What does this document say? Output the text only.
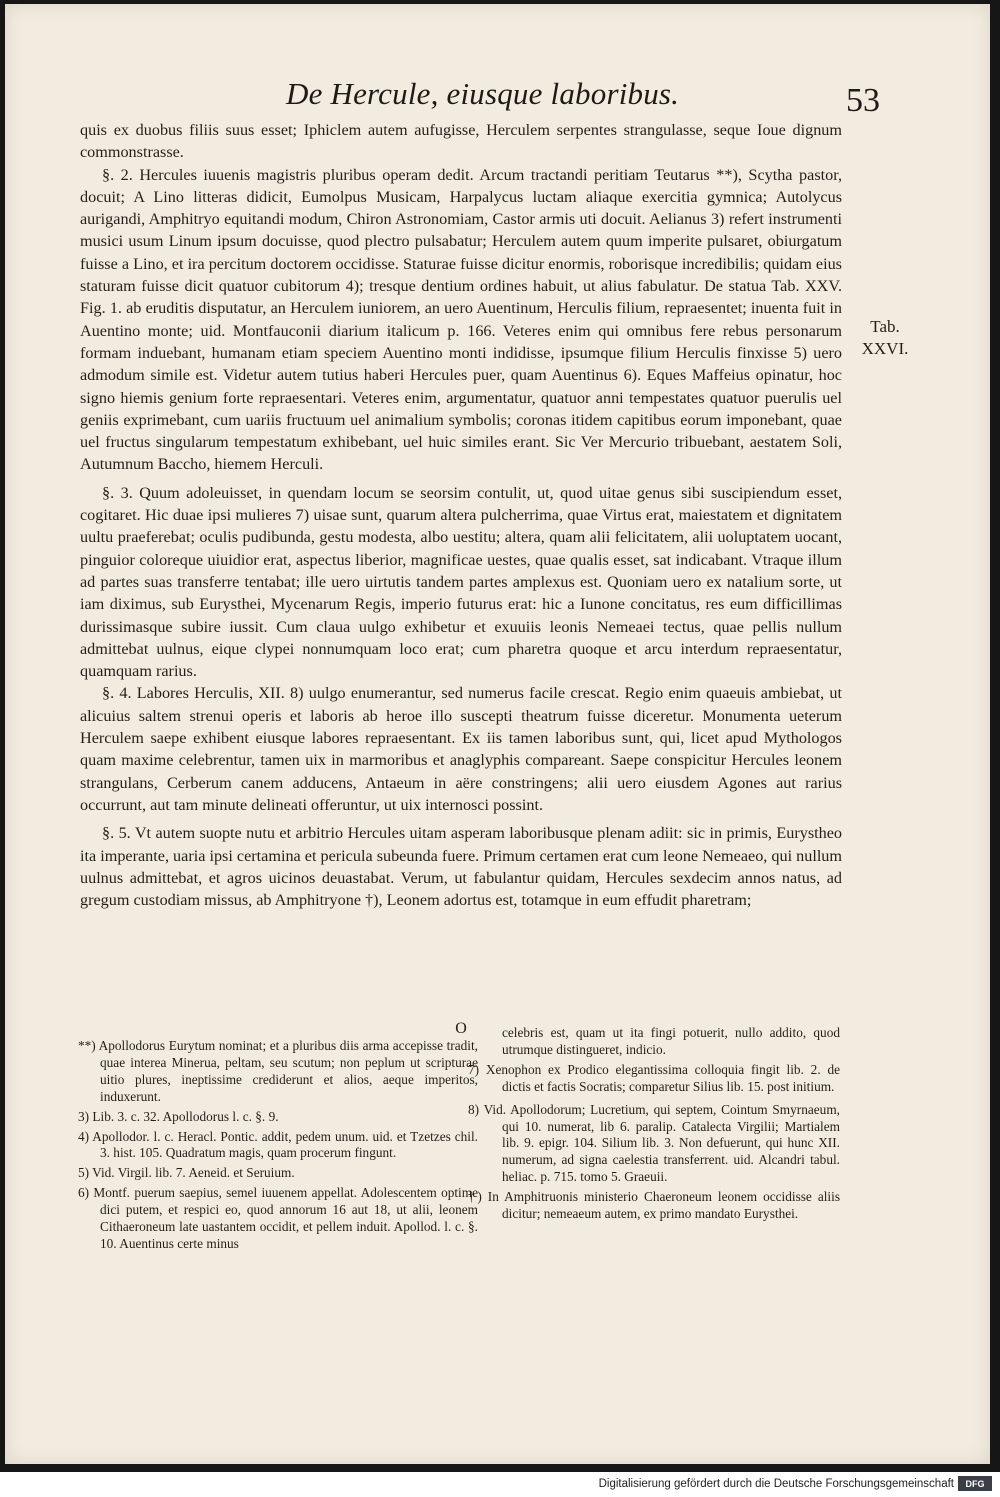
De Hercule, eiusque laboribus.	53

quis ex duobus filiis suus esset; Iphiclem autem aufugisse, Herculem serpentes strangulasse, seque Ioue dignum commonstrasse.

§. 2. Hercules iuuenis magistris pluribus operam dedit. Arcum tractandi peritiam Teutarus **), Scytha pastor, docuit; A Lino litteras didicit, Eumolpus Musicam, Harpalycus luctam aliaque exercitia gymnica; Autolycus aurigandi, Amphitryo equitandi modum, Chiron Astronomiam, Castor armis uti docuit. Aelianus 3) refert instrumenti musici usum Linum ipsum docuisse, quod plectro pulsabatur; Herculem autem quum imperite pulsaret, obiurgatum fuisse a Lino, et ira percitum doctorem occidisse. Staturae fuisse dicitur enormis, roborisque incredibilis; quidam eius staturam fuisse dicit quatuor cubitorum 4); tresque dentium ordines habuit, ut alius fabulatur. De statua Tab. XXV. Fig. 1. ab eruditis disputatur, an Herculem iuniorem, an uero Auentinum, Herculis filium, repraesentet; inuenta fuit in Auentino monte; uid. Montfauconii diarium italicum p. 166. Veteres enim qui omnibus fere rebus personarum formam induebant, humanam etiam speciem Auentino monti indidisse, ipsumque filium Herculis finxisse 5) uero admodum simile est. Videtur autem tutius haberi Hercules puer, quam Auentinus 6). Eques Maffeius opinatur, hoc signo hiemis genium forte repraesentari. Veteres enim, argumentatur, quatuor anni tempestates quatuor puerulis uel geniis exprimebant, cum uariis fructuum uel animalium symbolis; coronas itidem capitibus eorum imponebant, quae uel fructus singularum tempestatum exhibebant, uel huic similes erant. Sic Ver Mercurio tribuebant, aestatem Soli, Autumnum Baccho, hiemem Herculi.

§. 3. Quum adoleuisset, in quendam locum se seorsim contulit, ut, quod uitae genus sibi suscipiendum esset, cogitaret. Hic duae ipsi mulieres 7) uisae sunt, quarum altera pulcherrima, quae Virtus erat, maiestatem et dignitatem uultu praeferebat; oculis pudibunda, gestu modesta, albo uestitu; altera, quam alii felicitatem, alii uoluptatem uocant, pinguior coloreque uiuidior erat, aspectus liberior, magnificae uestes, quae qualis esset, sat indicabant. Vtraque illum ad partes suas transferre tentabat; ille uero uirtutis tandem partes amplexus est. Quoniam uero ex natalium sorte, ut iam diximus, sub Eurysthei, Mycenarum Regis, imperio futurus erat: hic a Iunone concitatus, res eum difficillimas durissimasque subire iussit. Cum claua uulgo exhibetur et exuuiis leonis Nemeaei tectus, quae pellis nullum admittebat uulnus, eique clypei nonnumquam loco erat; cum pharetra quoque et arcu interdum repraesentatur, quamquam rarius.

§. 4. Labores Herculis, XII. 8) uulgo enumerantur, sed numerus facile crescat. Regio enim quaeuis ambiebat, ut alicuius saltem strenui operis et laboris ab heroe illo suscepti theatrum fuisse diceretur. Monumenta ueterum Herculem saepe exhibent eiusque labores repraesentant. Ex iis tamen laboribus sunt, qui, licet apud Mythologos quam maxime celebrentur, tamen uix in marmoribus et anaglyphis compareant. Saepe conspicitur Hercules leonem strangulans, Cerberum canem adducens, Antaeum in aëre constringens; alii uero eiusdem Agones aut rarius occurrunt, aut tam minute delineati offeruntur, ut uix internosci possint.

§. 5. Vt autem suopte nutu et arbitrio Hercules uitam asperam laboribusque plenam adiit: sic in primis, Eurystheo ita imperante, uaria ipsi certamina et pericula subeunda fuere. Primum certamen erat cum leone Nemeaeo, qui nullum uulnus admittebat, et agros uicinos deuastabat. Verum, ut fabulantur quidam, Hercules sexdecim annos natus, ad gregum custodiam missus, ab Amphitryone †), Leonem adortus est, totamque in eum effudit pharetram;

Tab.
XXVI.
O
**) Apollodorus Eurytum nominat; et a pluribus diis arma accepisse tradit, quae interea Minerua, peltam, seu scutum; non peplum ut scripturae uitio plures, ineptissime crediderunt et alios, aeque imperitos, induxerunt.
3) Lib. 3. c. 32. Apollodorus l. c. §. 9.
4) Apollodor. l. c. Heracl. Pontic. addit, pedem unum. uid. et Tzetzes chil. 3. hist. 105. Quadratum magis, quam procerum fingunt.
5) Vid. Virgil. lib. 7. Aeneid. et Seruium.
6) Montf. puerum saepius, semel iuuenem appellat. Adolescentem optime dici putem, et respici eo, quod annorum 16 aut 18, ut alii, leonem Cithaeroneum late uastantem occidit, et pellem induit. Apollod. l. c. §. 10. Auentinus certe minus
celebris est, quam ut ita fingi potuerit, nullo addito, quod utrumque distingueret, indicio.
7) Xenophon ex Prodico elegantissima colloquia fingit lib. 2. de dictis et factis Socratis; comparetur Silius lib. 15. post initium.
8) Vid. Apollodorum; Lucretium, qui septem, Cointum Smyrnaeum, qui 10. numerat, lib 6. paralip. Catalecta Virgilii; Martialem lib. 9. epigr. 104. Silium lib. 3. Non defuerunt, qui hunc XII. numerum, ad signa caelestia transferrent. uid. Alcandri tabul. heliac. p. 715. tomo 5. Graeuii.
†) In Amphitruonis ministerio Chaeroneum leonem occidisse aliis dicitur; nemeaeum autem, ex primo mandato Eurysthei.
Digitalisierung gefördert durch die Deutsche Forschungsgemeinschaft	DFG
